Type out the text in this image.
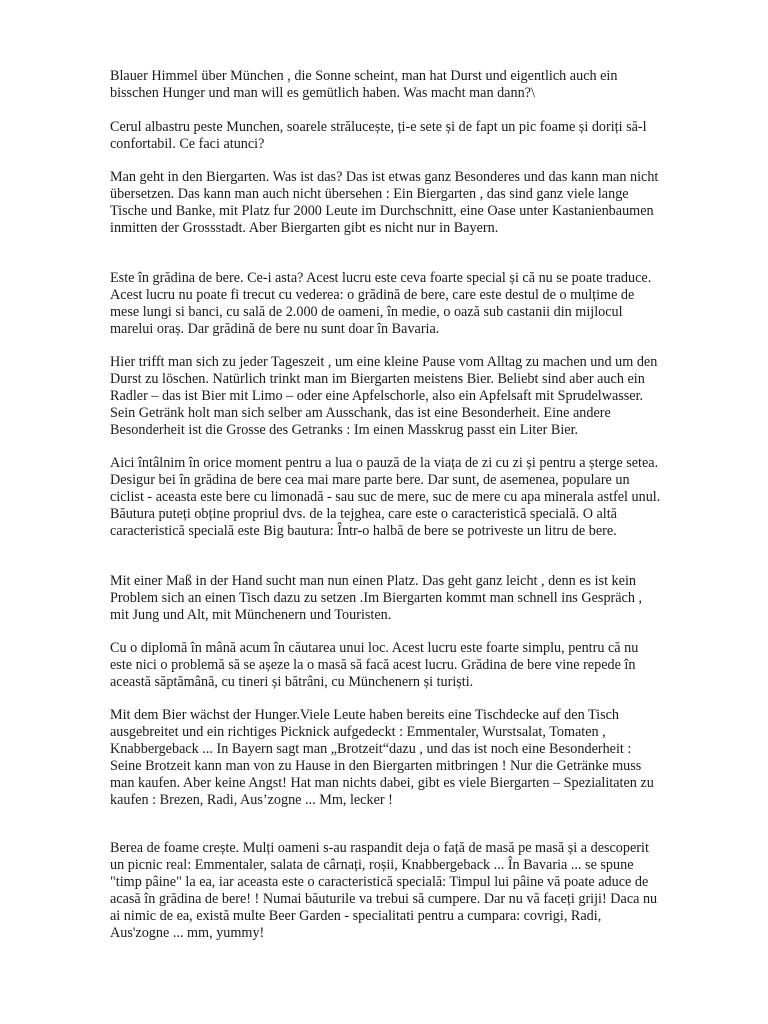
Blauer Himmel über München , die Sonne scheint, man hat Durst und eigentlich auch ein
bisschen Hunger und man will es gemütlich haben. Was macht man dann?\

Cerul albastru peste Munchen, soarele strălucește, ți-e sete și de fapt un pic foame și doriți să-l
confortabil. Ce faci atunci?

Man geht in den Biergarten. Was ist das? Das ist etwas ganz Besonderes und das kann man nicht
übersetzen. Das kann man auch nicht übersehen : Ein Biergarten , das sind ganz viele lange
Tische und Banke, mit Platz fur 2000 Leute im Durchschnitt, eine Oase unter Kastanienbaumen
inmitten der Grossstadt. Aber Biergarten gibt es nicht nur in Bayern.

Este în grădina de bere. Ce-i asta? Acest lucru este ceva foarte special și că nu se poate traduce.
Acest lucru nu poate fi trecut cu vederea: o grădină de bere, care este destul de o mulțime de
mese lungi si banci, cu sală de 2.000 de oameni, în medie, o oază sub castanii din mijlocul
marelui oraș. Dar grădină de bere nu sunt doar în Bavaria.

Hier trifft man sich zu jeder Tageszeit , um eine kleine Pause vom Alltag zu machen und um den
Durst zu löschen. Natürlich trinkt man im Biergarten meistens Bier. Beliebt sind aber auch ein
Radler – das ist Bier mit Limo – oder eine Apfelschorle, also ein Apfelsaft mit Sprudelwasser.
Sein Getränk holt man sich selber am Ausschank, das ist eine Besonderheit. Eine andere
Besonderheit ist die Grosse des Getranks : Im einen Masskrug passt ein Liter Bier.

Aici întâlnim în orice moment pentru a lua o pauză de la viața de zi cu zi și pentru a șterge setea.
Desigur bei în grădina de bere cea mai mare parte bere. Dar sunt, de asemenea, populare un
ciclist - aceasta este bere cu limonadă - sau suc de mere, suc de mere cu apa minerala astfel unul.
Băutura puteți obține propriul dvs. de la tejghea, care este o caracteristică specială. O altă
caracteristică specială este Big bautura: Într-o halbă de bere se potriveste un litru de bere.

Mit einer Maß in der Hand sucht man nun einen Platz. Das geht ganz leicht , denn es ist kein
Problem sich an einen Tisch dazu zu setzen .Im Biergarten kommt man schnell ins Gespräch ,
mit Jung und Alt, mit Münchenern und Touristen.

Cu o diplomă în mână acum în căutarea unui loc. Acest lucru este foarte simplu, pentru că nu
este nici o problemă să se așeze la o masă să facă acest lucru. Grădina de bere vine repede în
această săptămână, cu tineri și bătrâni, cu Münchenern și turiști.

Mit dem Bier wächst der Hunger.Viele Leute haben bereits eine Tischdecke auf den Tisch
ausgebreitet und ein richtiges Picknick aufgedeckt : Emmentaler, Wurstsalat, Tomaten ,
Knabbergeback ... In Bayern sagt man „Brotzeit“dazu , und das ist noch eine Besonderheit :
Seine Brotzeit kann man von zu Hause in den Biergarten mitbringen ! Nur die Getränke muss
man kaufen. Aber keine Angst! Hat man nichts dabei, gibt es viele Biergarten – Spezialitaten zu
kaufen : Brezen, Radi, Aus’zogne ... Mm, lecker !

Berea de foame crește. Mulți oameni s-au raspandit deja o față de masă pe masă și a descoperit
un picnic real: Emmentaler, salata de cârnați, roșii, Knabbergeback ... În Bavaria ... se spune
"timp pâine" la ea, iar aceasta este o caracteristică specială: Timpul lui pâine vă poate aduce de
acasă în grădina de bere! ! Numai băuturile va trebui să cumpere. Dar nu vă faceți griji! Daca nu
ai nimic de ea, există multe Beer Garden - specialitati pentru a cumpara: covrigi, Radi,
Aus'zogne ... mm, yummy!
